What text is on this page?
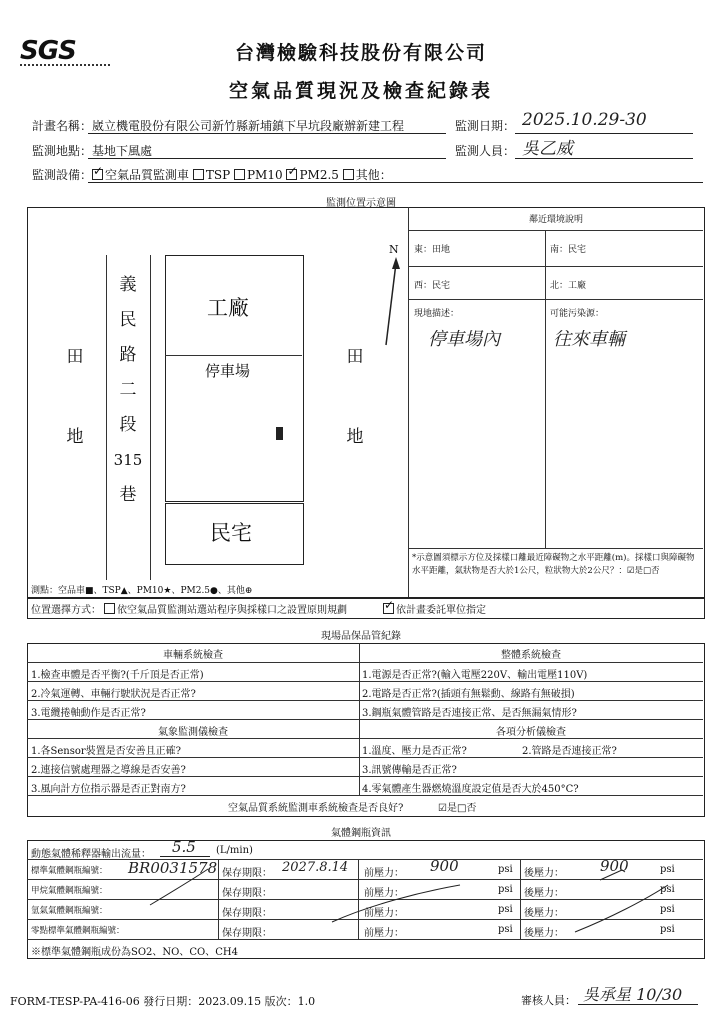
SGS	台灣檢驗科技股份有限公司
空氣品質現況及檢查紀錄表
計畫名稱： 崴立機電股份有限公司新竹縣新埔鎮下早坑段廠辦新建工程	監測日期： 2025.10.29-30
監測地點： 基地下風處	監測人員： 吳乙威
監測設備： ✓ 空氣品質監測車 TSP PM10 ✓ PM2.5 其他：
監測位置示意圖
田
地
義
民
路
二
段
315
巷
工廠
停車場
民宅
N
田
地
測點：空品車■、TSP▲、PM10★、PM2.5●、其他⊕
鄰近環境說明
東：田地	南：民宅
西：民宅	北：工廠
現地描述：
停車場內
可能污染源：
往來車輛
*示意圖須標示方位及採樣口離最近障礙物之水平距離(m)。採樣口與障礙物水平距離，氣狀物是否大於1公尺，粒狀物大於2公尺？：☑是□否
位置選擇方式：	依空氣品質監測站選站程序與採樣口之設置原則規劃	✓ 依計畫委託單位指定
現場品保品管紀錄
車輛系統檢查	整體系統檢查
1.檢查車體是否平衡?(千斤頂是否正常)	1.電源是否正常?(輸入電壓220V、輸出電壓110V)
2.冷氣運轉、車輛行駛狀況是否正常?	2.電路是否正常?(插頭有無鬆動、線路有無破損)
3.電纜捲軸動作是否正常?	3.鋼瓶氣體管路是否連接正常、是否無漏氣情形?
氣象監測儀檢查	各項分析儀檢查
1.各Sensor裝置是否安善且正確?	1.溫度、壓力是否正常?	2.管路是否連接正常?
2.連接信號處理器之導線是否安善?	3.訊號傳輸是否正常?
3.風向計方位指示器是否正對南方?	4.零氣體產生器燃燒溫度設定值是否大於450°C?
空氣品質系統監測車系統檢查是否良好?	☑是□否
氣體鋼瓶資訊
動態氣體稀釋器輸出流量： 5.5 (L/min)
標準氣體鋼瓶編號： BR0031578 保存期限： 2027.8.14 前壓力： 900	psi 後壓力： 900	psi
甲烷氣體鋼瓶編號：	保存期限：	前壓力：	psi 後壓力：	psi
氫氣氣體鋼瓶編號：	保存期限：	前壓力：	psi 後壓力：	psi
零點標準氣體鋼瓶編號：	保存期限：	前壓力：	psi 後壓力：	psi
※標準氣體鋼瓶成份為SO2、NO、CO、CH4
FORM-TESP-PA-416-06 發行日期：2023.09.15 版次：1.0	審核人員： 吳承星 10/30
